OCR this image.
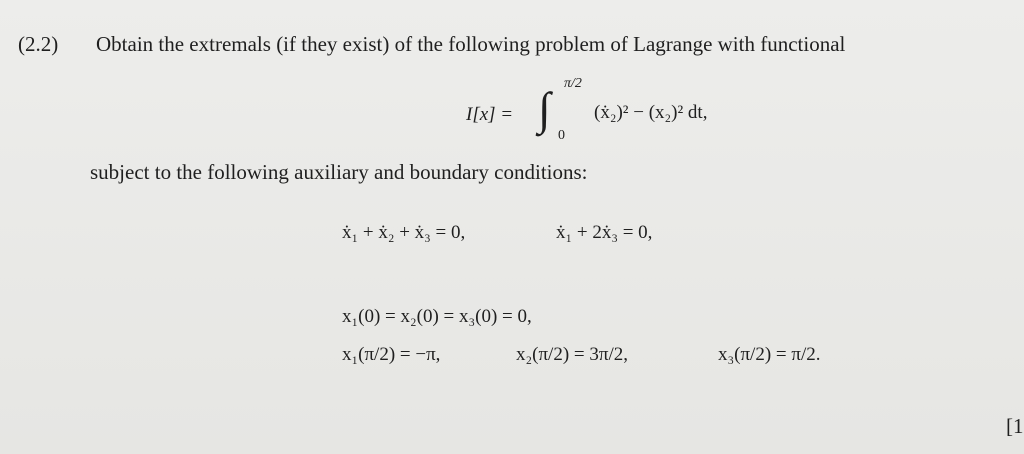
(2.2) Obtain the extremals (if they exist) of the following problem of Lagrange with functional
I[x] = ∫ π/2
0
(ẋ₂)² − (x₂)² dt,
subject to the following auxiliary and boundary conditions:
ẋ₁ + ẋ₂ + ẋ₃ = 0,	ẋ₁ + 2ẋ₃ = 0,
x₁(0) = x₂(0) = x₃(0) = 0,
x₁(π/2) = −π,	x₂(π/2) = 3π/2,	x₃(π/2) = π/2.
[1
